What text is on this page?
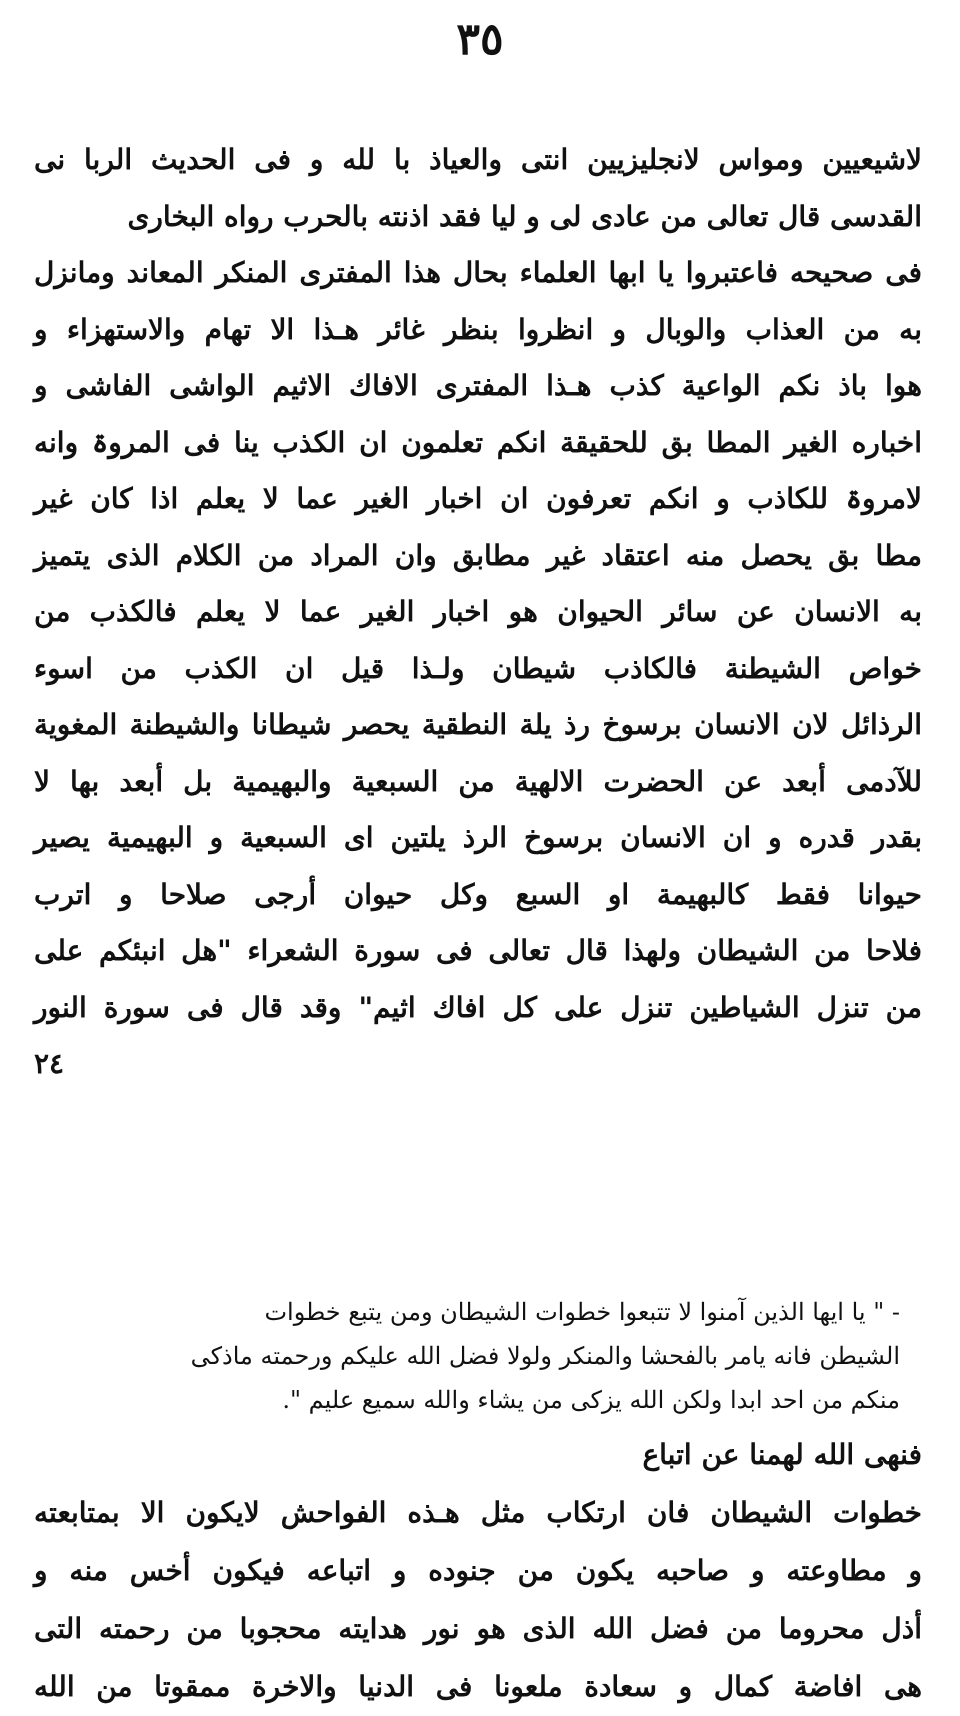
٣٥
لاشيعيين ومواس لانجليزيين انتى والعياذ با لله و فى الحديث الربا نى
القدسى قال تعالى من عادى لى و ليا فقد اذنته بالحرب رواه البخارى
فى صحيحه فاعتبروا يا ابها العلماء بحال هذا المفترى المنكر المعاند ومانزل
به من العذاب والوبال و انظروا بنظر غائر هـذا الا تهام والاستهزاء و
هوا باذ نكم الواعية كذب هـذا المفترى الافاك الاثيم الواشى الفاشى و
اخباره الغير المطا بق للحقيقة انكم تعلمون ان الكذب ينا فى المروۃ وانه
لامروۃ للكاذب و انكم تعرفون ان اخبار الغير عما لا يعلم اذا كان غير
مطا بق يحصل منه اعتقاد غير مطابق وان المراد من الكلام الذى يتميز
به الانسان عن سائر الحيوان هو اخبار الغير عما لا يعلم فالكذب من
خواص الشيطنة فالكاذب شيطان ولـذا قيل ان الكذب من اسوء
الرذائل لان الانسان برسوخ رذ يلة النطقية يحصر شيطانا والشيطنة المغوية
للآدمى أبعد عن الحضرت الالهية من السبعية والبهيمية بل أبعد بها لا
بقدر قدره و ان الانسان برسوخ الرذ يلتين اى السبعية و البهيمية يصير
حيوانا فقط كالبهيمة او السبع وكل حيوان أرجى صلاحا و اترب
فلاحا من الشيطان ولهذا قال تعالى فى سورة الشعراء "هل انبئكم على
من تنزل الشياطين تنزل على كل افاك اثيم" وقد قال فى سورة النور
٢٤
- " يا ايها الذين آمنوا لا تتبعوا خطوات الشيطان ومن يتبع خطوات
الشيطن فانه يامر بالفحشا والمنكر ولولا فضل الله عليكم ورحمته ماذكى
منكم من احد ابدا ولكن الله يزكى من يشاء والله سميع عليم ".
فنهى الله لهمنا عن اتباع
خطوات الشيطان فان ارتكاب مثل هـذه الفواحش لايكون الا بمتابعته
و مطاوعته و صاحبه يكون من جنوده و اتباعه فيكون أخس منه و
أذل محروما من فضل الله الذى هو نور هدايته محجوبا من رحمته التى
هى افاضة كمال و سعادة ملعونا فى الدنيا والاخرة ممقوتا من الله
